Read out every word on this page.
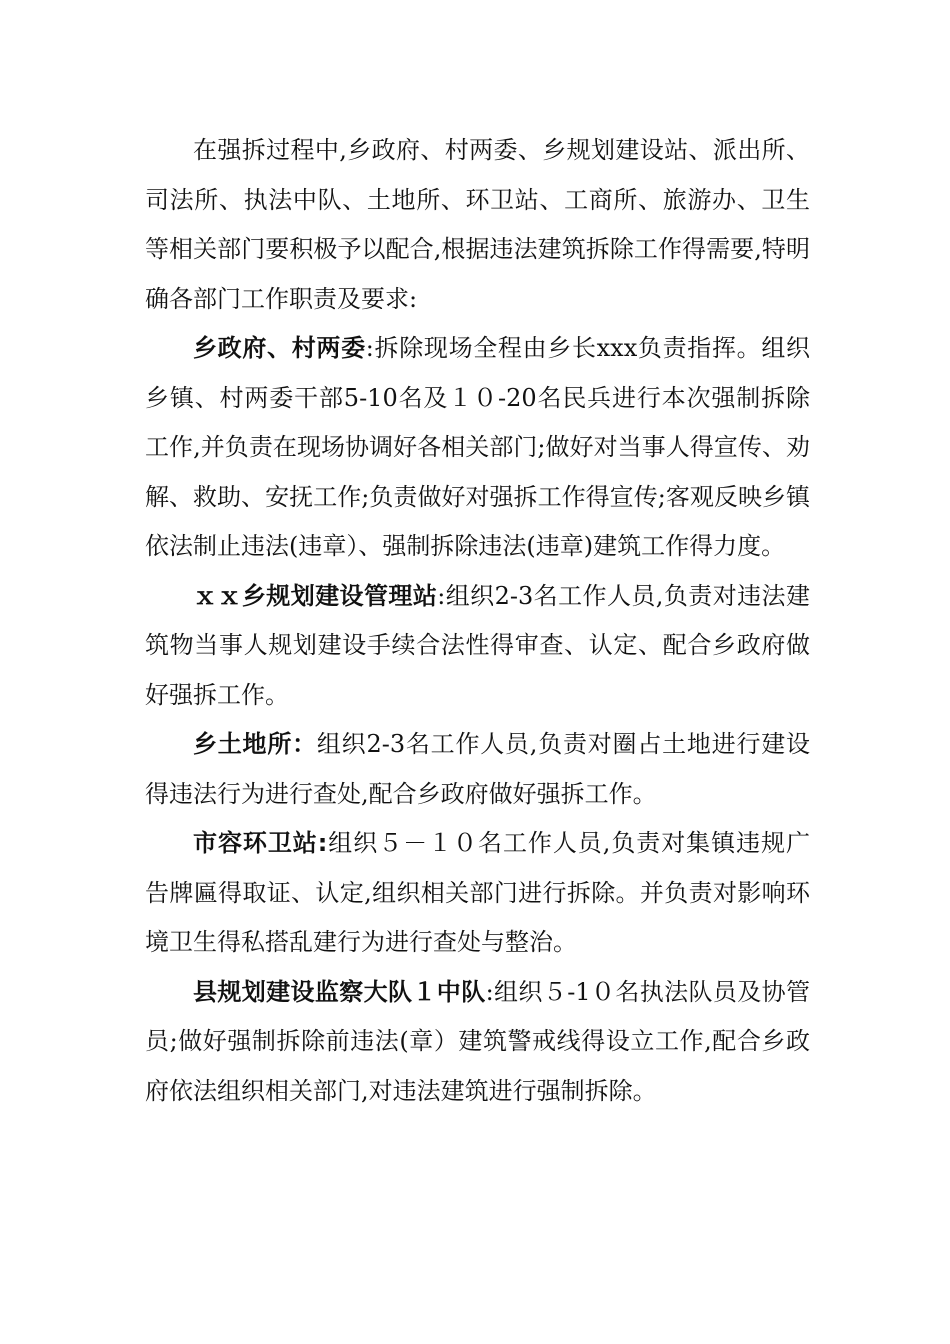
在强拆过程中,乡政府、村两委、乡规划建设站、派出所、司法所、执法中队、土地所、环卫站、工商所、旅游办、卫生等相关部门要积极予以配合,根据违法建筑拆除工作得需要,特明确各部门工作职责及要求:

乡政府、村两委:拆除现场全程由乡长xxx负责指挥。组织乡镇、村两委干部5-10名及１０-20名民兵进行本次强制拆除工作,并负责在现场协调好各相关部门;做好对当事人得宣传、劝解、救助、安抚工作;负责做好对强拆工作得宣传;客观反映乡镇依法制止违法(违章）、强制拆除违法(违章)建筑工作得力度。

ｘｘ乡规划建设管理站:组织2-3名工作人员,负责对违法建筑物当事人规划建设手续合法性得审查、认定、配合乡政府做好强拆工作。

乡土地所：组织2-3名工作人员,负责对圈占土地进行建设得违法行为进行查处,配合乡政府做好强拆工作。

市容环卫站:组织５－１０名工作人员,负责对集镇违规广告牌匾得取证、认定,组织相关部门进行拆除。并负责对影响环境卫生得私搭乱建行为进行查处与整治。

县规划建设监察大队１中队:组织５-1０名执法队员及协管员;做好强制拆除前违法(章）建筑警戒线得设立工作,配合乡政府依法组织相关部门,对违法建筑进行强制拆除。
